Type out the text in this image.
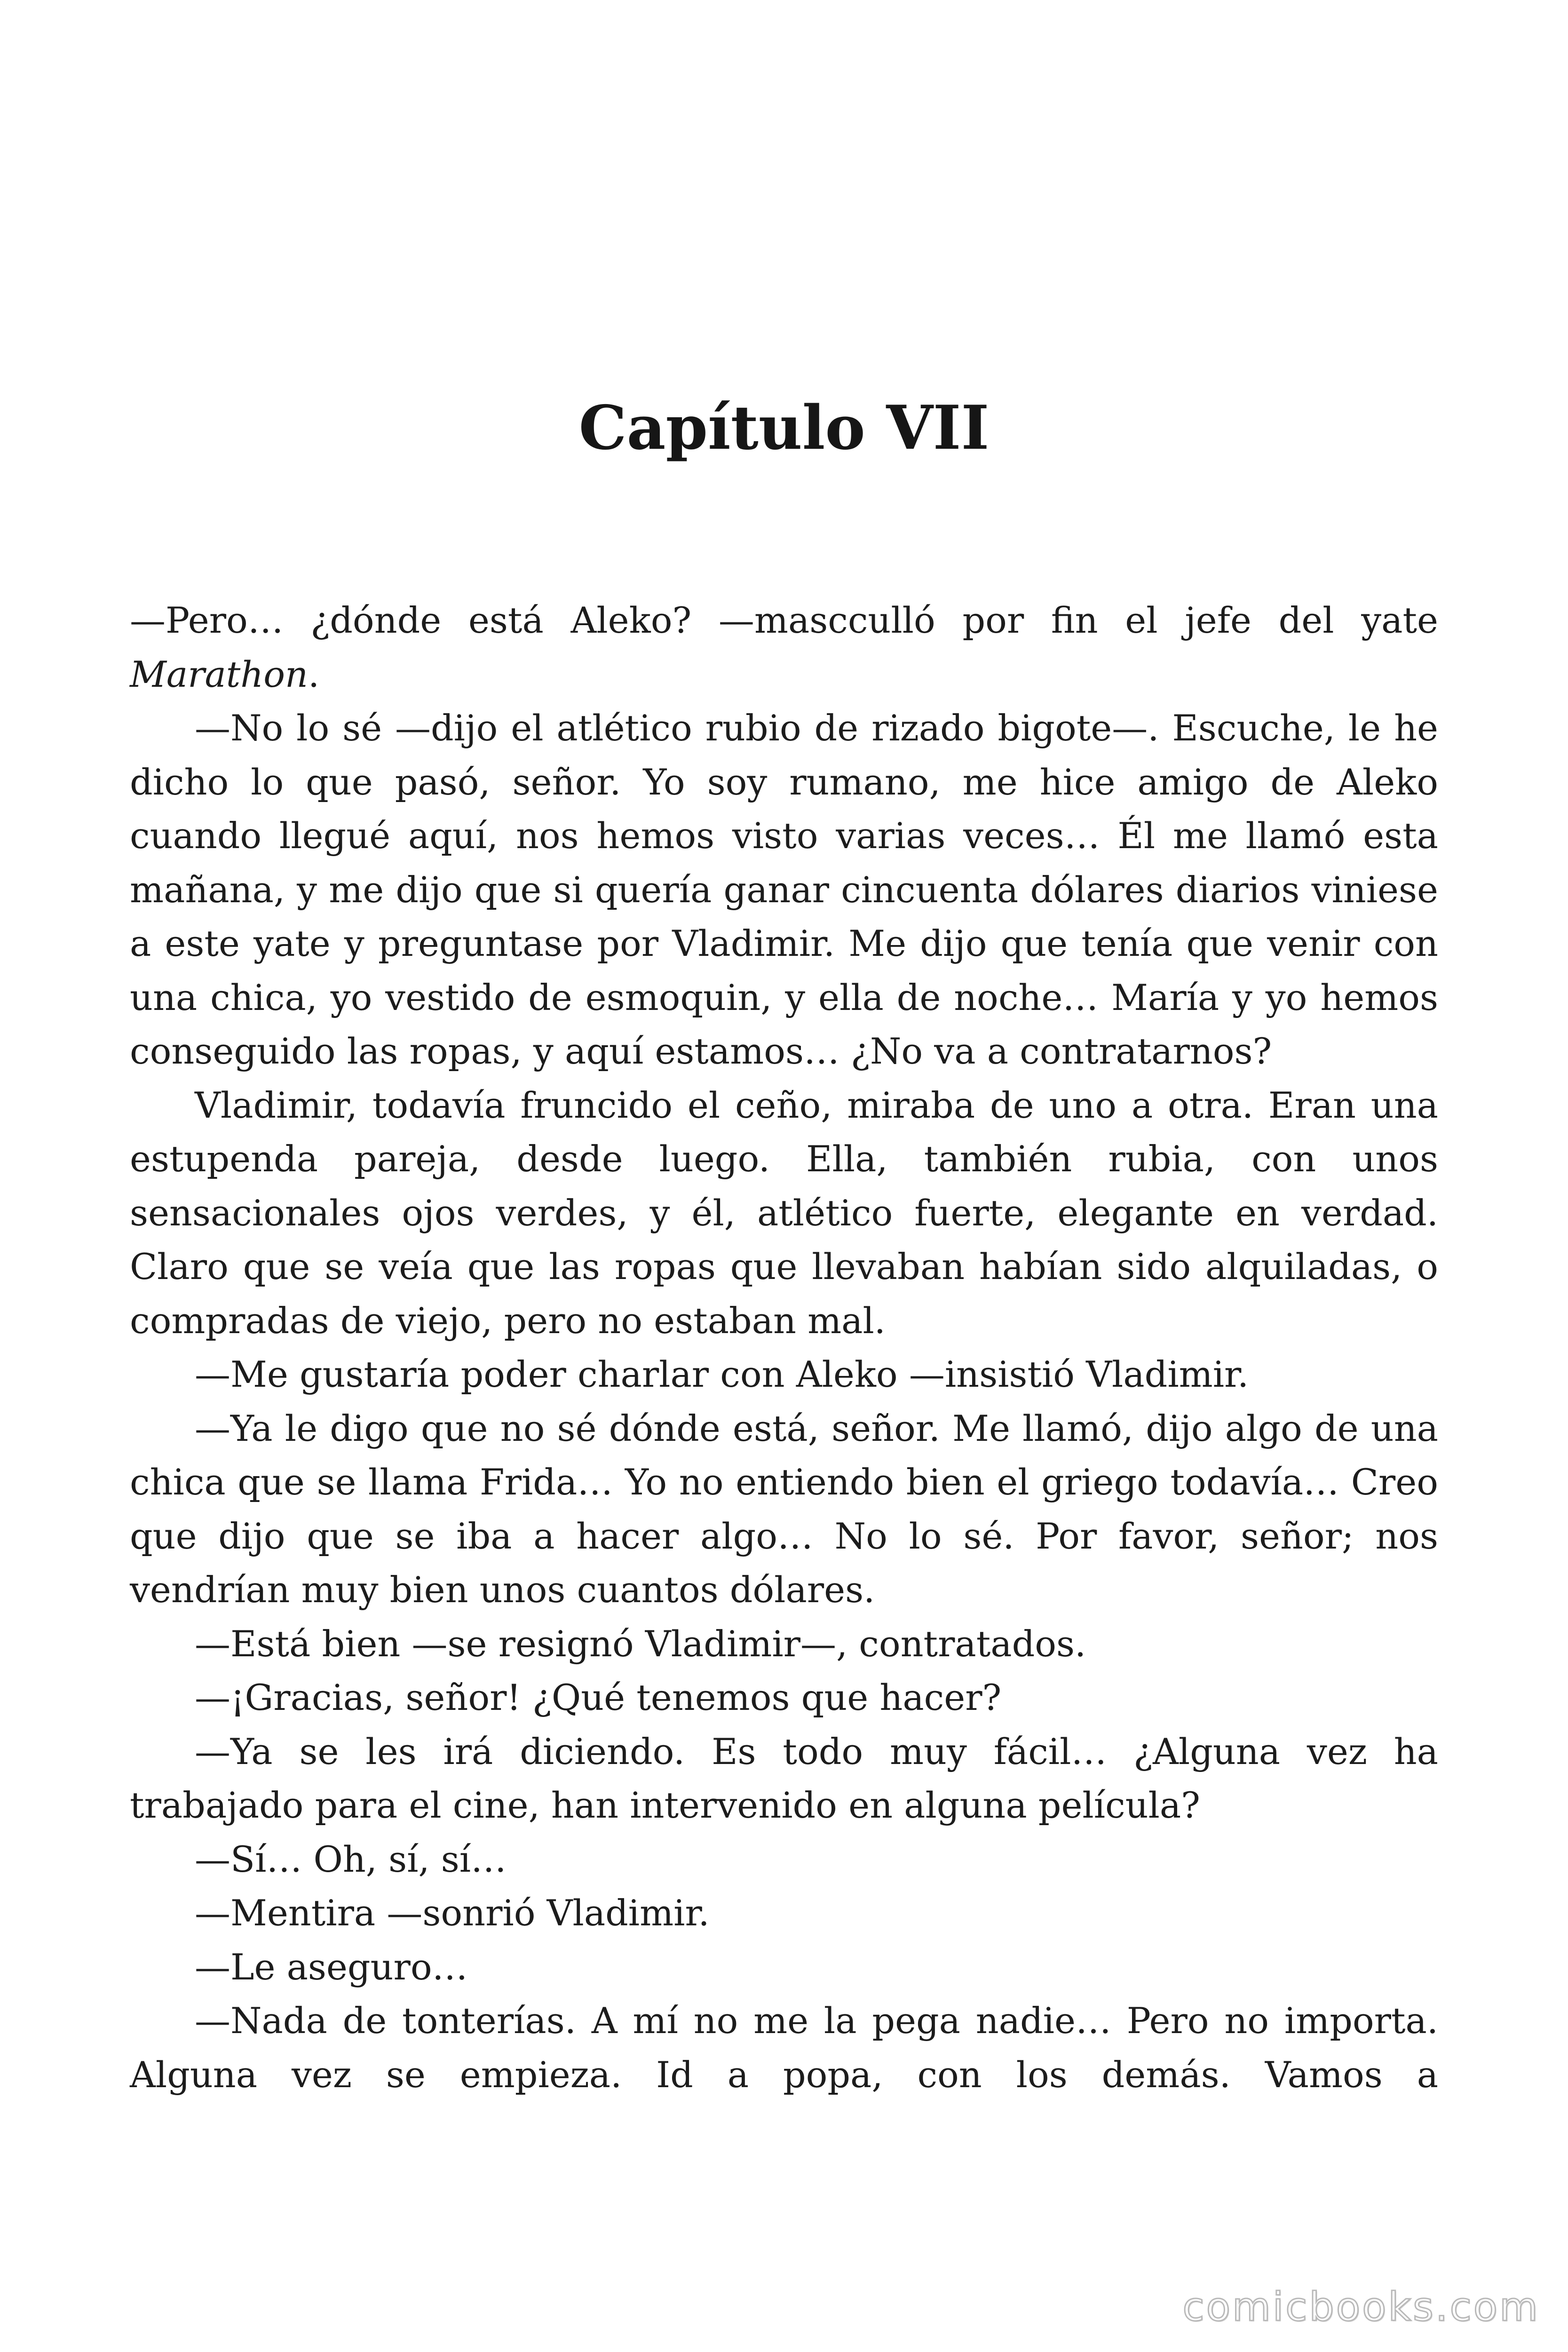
Capítulo VII

—Pero… ¿dónde está Aleko? —mascculló por fin el jefe del yate Marathon.

—No lo sé —dijo el atlético rubio de rizado bigote—. Escuche, le he dicho lo que pasó, señor. Yo soy rumano, me hice amigo de Aleko cuando llegué aquí, nos hemos visto varias veces… Él me llamó esta mañana, y me dijo que si quería ganar cincuenta dólares diarios viniese a este yate y preguntase por Vladimir. Me dijo que tenía que venir con una chica, yo vestido de esmoquin, y ella de noche… María y yo hemos conseguido las ropas, y aquí estamos… ¿No va a contratarnos?

Vladimir, todavía fruncido el ceño, miraba de uno a otra. Eran una estupenda pareja, desde luego. Ella, también rubia, con unos sensacionales ojos verdes, y él, atlético fuerte, elegante en verdad. Claro que se veía que las ropas que llevaban habían sido alquiladas, o compradas de viejo, pero no estaban mal.

—Me gustaría poder charlar con Aleko —insistió Vladimir.

—Ya le digo que no sé dónde está, señor. Me llamó, dijo algo de una chica que se llama Frida… Yo no entiendo bien el griego todavía… Creo que dijo que se iba a hacer algo… No lo sé. Por favor, señor; nos vendrían muy bien unos cuantos dólares.

—Está bien —se resignó Vladimir—, contratados.

—¡Gracias, señor! ¿Qué tenemos que hacer?

—Ya se les irá diciendo. Es todo muy fácil… ¿Alguna vez ha trabajado para el cine, han intervenido en alguna película?

—Sí… Oh, sí, sí…

—Mentira —sonrió Vladimir.

—Le aseguro…

—Nada de tonterías. A mí no me la pega nadie… Pero no importa. Alguna vez se empieza. Id a popa, con los demás. Vamos a

comicbooks.com
